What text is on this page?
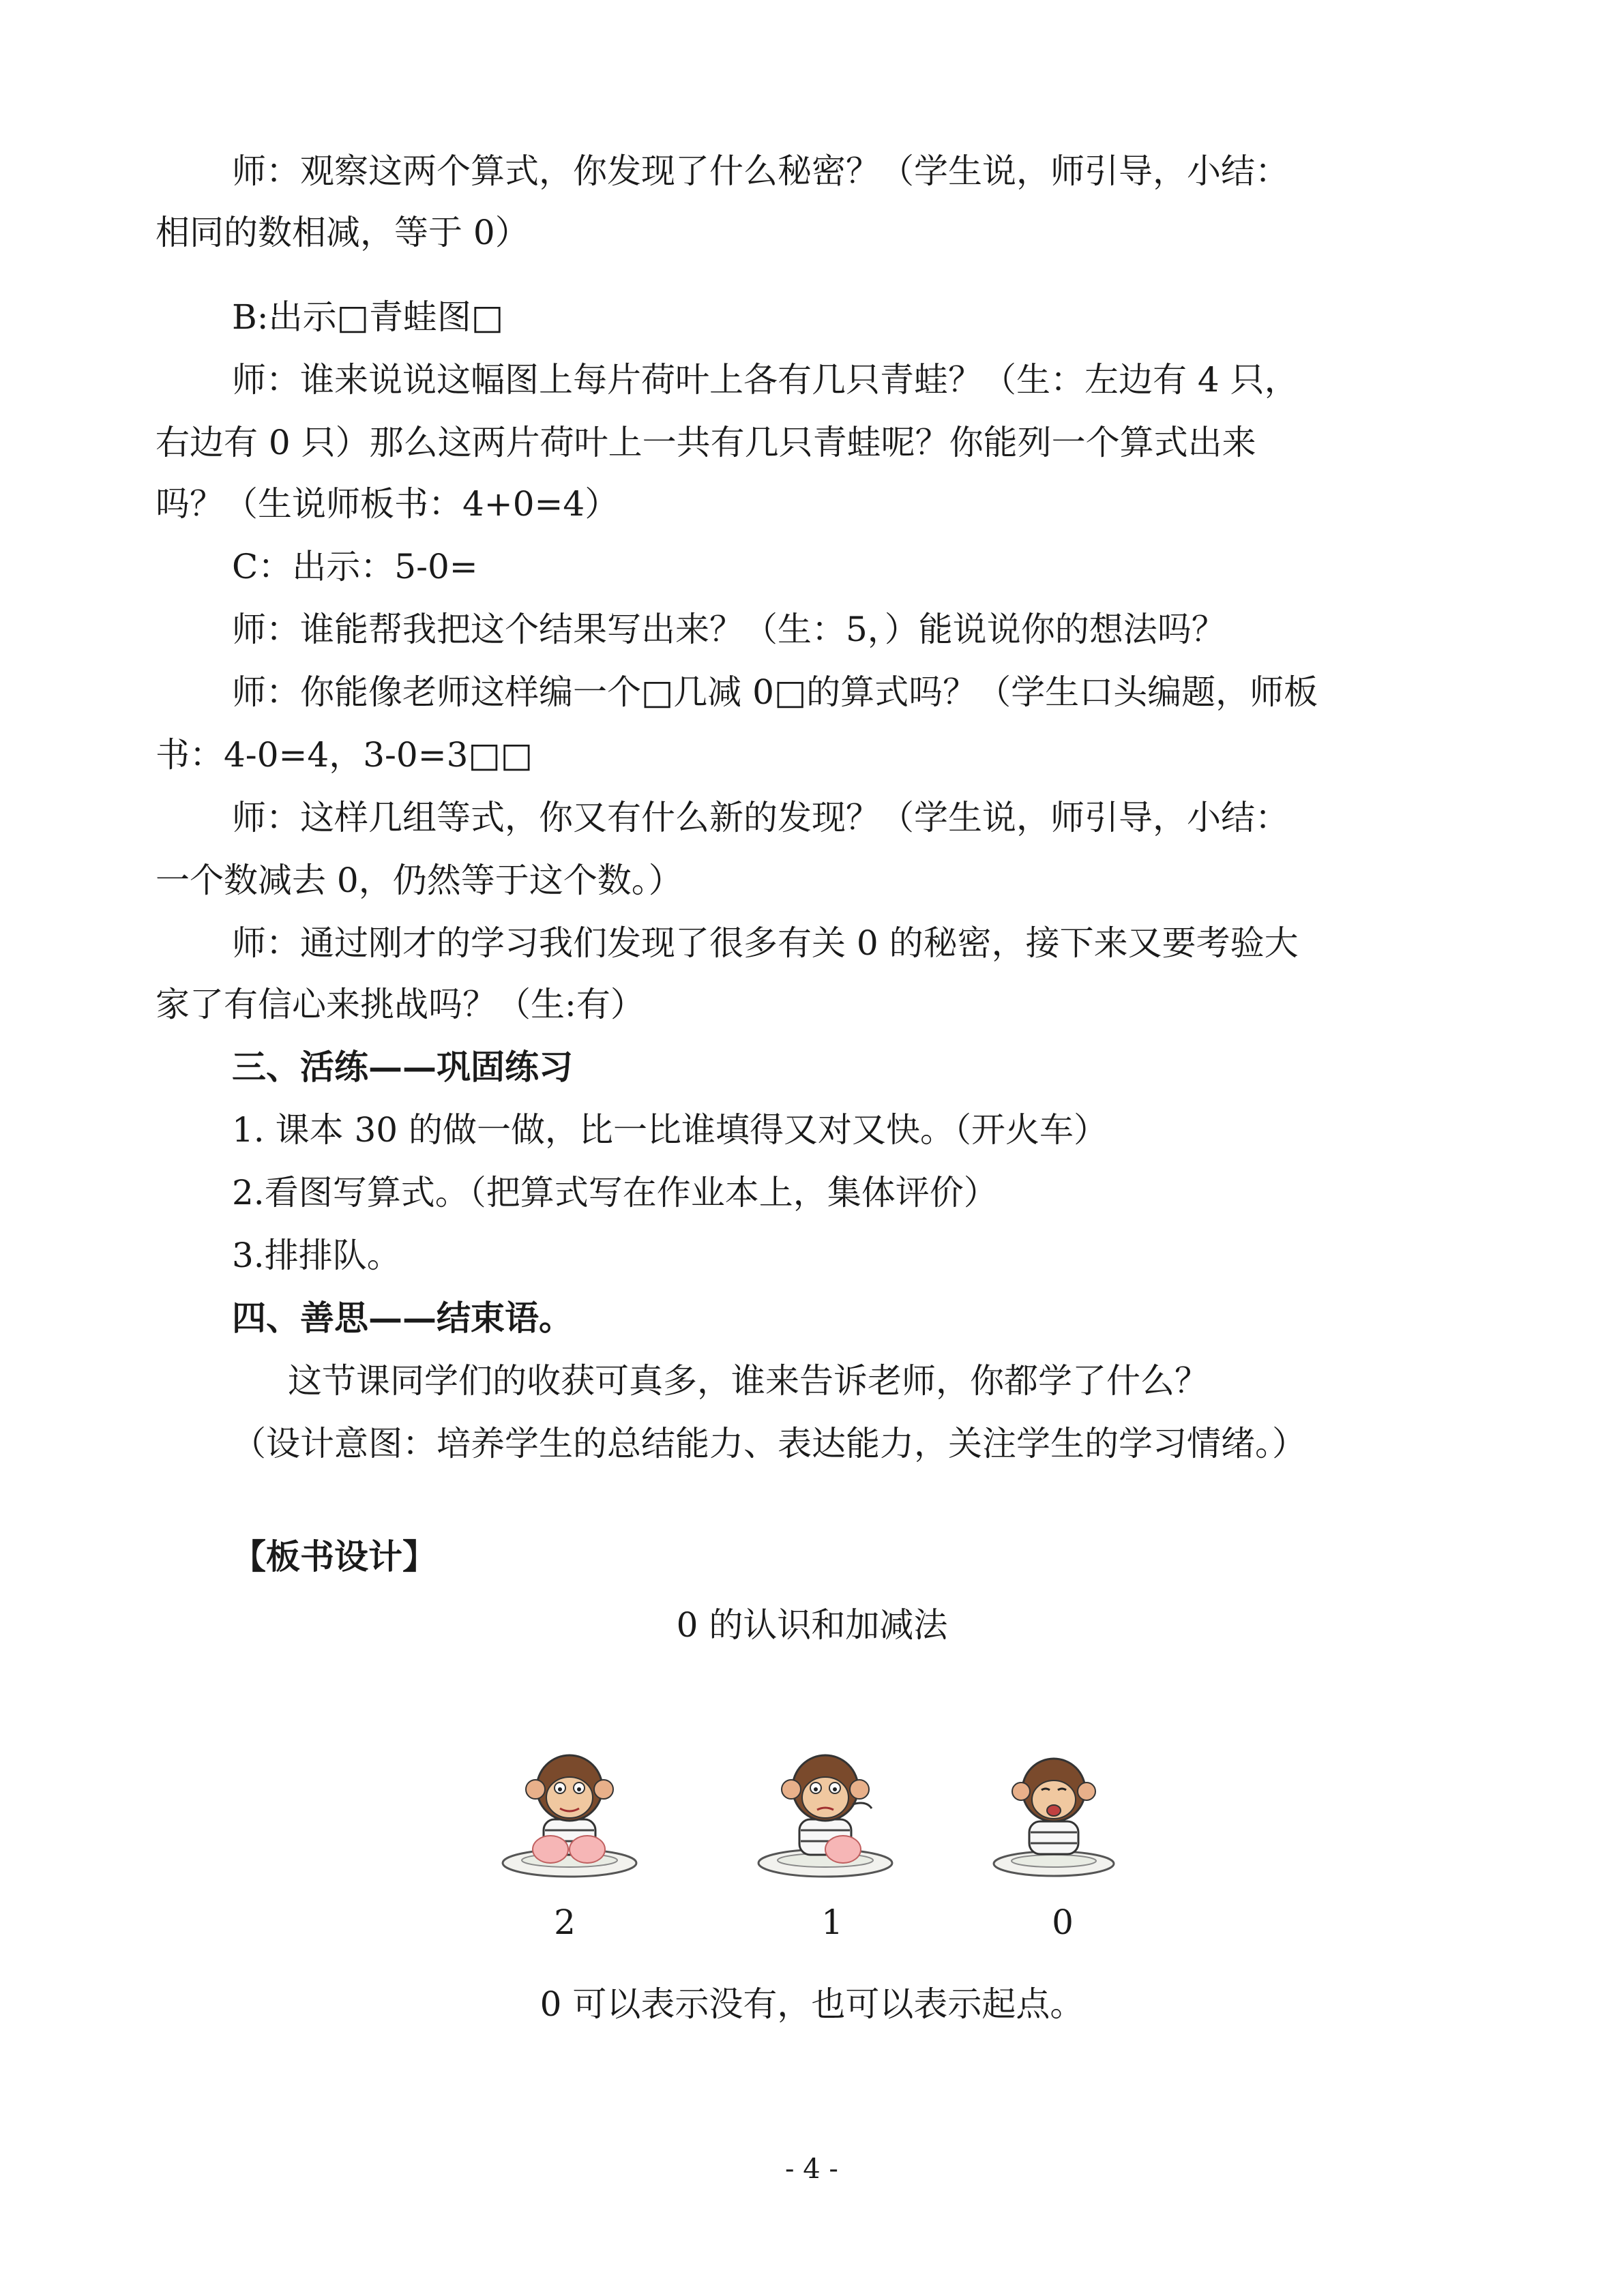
师：观察这两个算式，你发现了什么秘密？（学生说，师引导，小结：
相同的数相减，等于 0）
B:出示□青蛙图□
师：谁来说说这幅图上每片荷叶上各有几只青蛙？（生：左边有 4 只，
右边有 0 只）那么这两片荷叶上一共有几只青蛙呢？你能列一个算式出来
吗？（生说师板书：4+0=4）
C：出示：5-0=
师：谁能帮我把这个结果写出来？（生：5，）能说说你的想法吗？
师：你能像老师这样编一个□几减 0□的算式吗？（学生口头编题，师板
书：4-0=4，3-0=3□□
师：这样几组等式，你又有什么新的发现？（学生说，师引导，小结：
一个数减去 0，仍然等于这个数。）
师：通过刚才的学习我们发现了很多有关 0 的秘密，接下来又要考验大
家了有信心来挑战吗？（生:有）
三、活练——巩固练习
1. 课本 30 的做一做，比一比谁填得又对又快。（开火车）
2.看图写算式。（把算式写在作业本上，集体评价）
3.排排队。
四、善思——结束语。
这节课同学们的收获可真多，谁来告诉老师，你都学了什么？
（设计意图：培养学生的总结能力、表达能力，关注学生的学习情绪。）
【板书设计】
0 的认识和加减法
2	1	0
0 可以表示没有，也可以表示起点。
- 4 -
